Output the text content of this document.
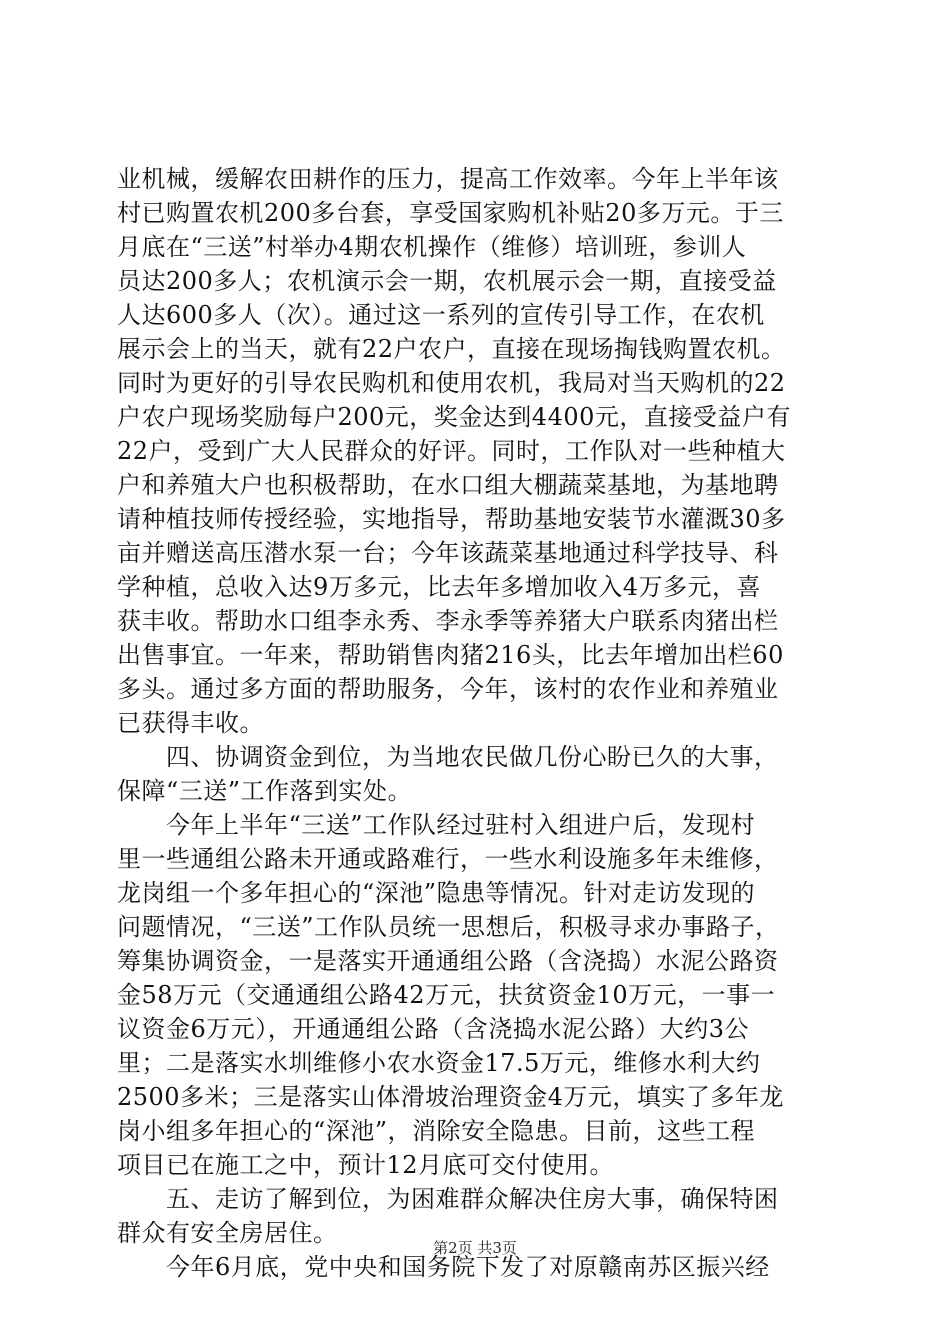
业机械，缓解农田耕作的压力，提高工作效率。今年上半年该
村已购置农机200多台套，享受国家购机补贴20多万元。于三
月底在“三送”村举办4期农机操作（维修）培训班，参训人
员达200多人；农机演示会一期，农机展示会一期，直接受益
人达600多人（次）。通过这一系列的宣传引导工作，在农机
展示会上的当天，就有22户农户，直接在现场掏钱购置农机。
同时为更好的引导农民购机和使用农机，我局对当天购机的22
户农户现场奖励每户200元，奖金达到4400元，直接受益户有
22户，受到广大人民群众的好评。同时，工作队对一些种植大
户和养殖大户也积极帮助，在水口组大棚蔬菜基地，为基地聘
请种植技师传授经验，实地指导，帮助基地安装节水灌溉30多
亩并赠送高压潜水泵一台；今年该蔬菜基地通过科学技导、科
学种植，总收入达9万多元，比去年多增加收入4万多元，喜
获丰收。帮助水口组李永秀、李永季等养猪大户联系肉猪出栏
出售事宜。一年来，帮助销售肉猪216头，比去年增加出栏60
多头。通过多方面的帮助服务，今年，该村的农作业和养殖业
已获得丰收。
　　四、协调资金到位，为当地农民做几份心盼已久的大事，
保障“三送”工作落到实处。
　　今年上半年“三送”工作队经过驻村入组进户后，发现村
里一些通组公路未开通或路难行，一些水利设施多年未维修，
龙岗组一个多年担心的“深池”隐患等情况。针对走访发现的
问题情况，“三送”工作队员统一思想后，积极寻求办事路子，
筹集协调资金，一是落实开通通组公路（含浇捣）水泥公路资
金58万元（交通通组公路42万元，扶贫资金10万元，一事一
议资金6万元），开通通组公路（含浇捣水泥公路）大约3公
里；二是落实水圳维修小农水资金17.5万元，维修水利大约
2500多米；三是落实山体滑坡治理资金4万元，填实了多年龙
岗小组多年担心的“深池”，消除安全隐患。目前，这些工程
项目已在施工之中，预计12月底可交付使用。
　　五、走访了解到位，为困难群众解决住房大事，确保特困
群众有安全房居住。
　　今年6月底，党中央和国务院下发了对原赣南苏区振兴经
第2页 共3页
